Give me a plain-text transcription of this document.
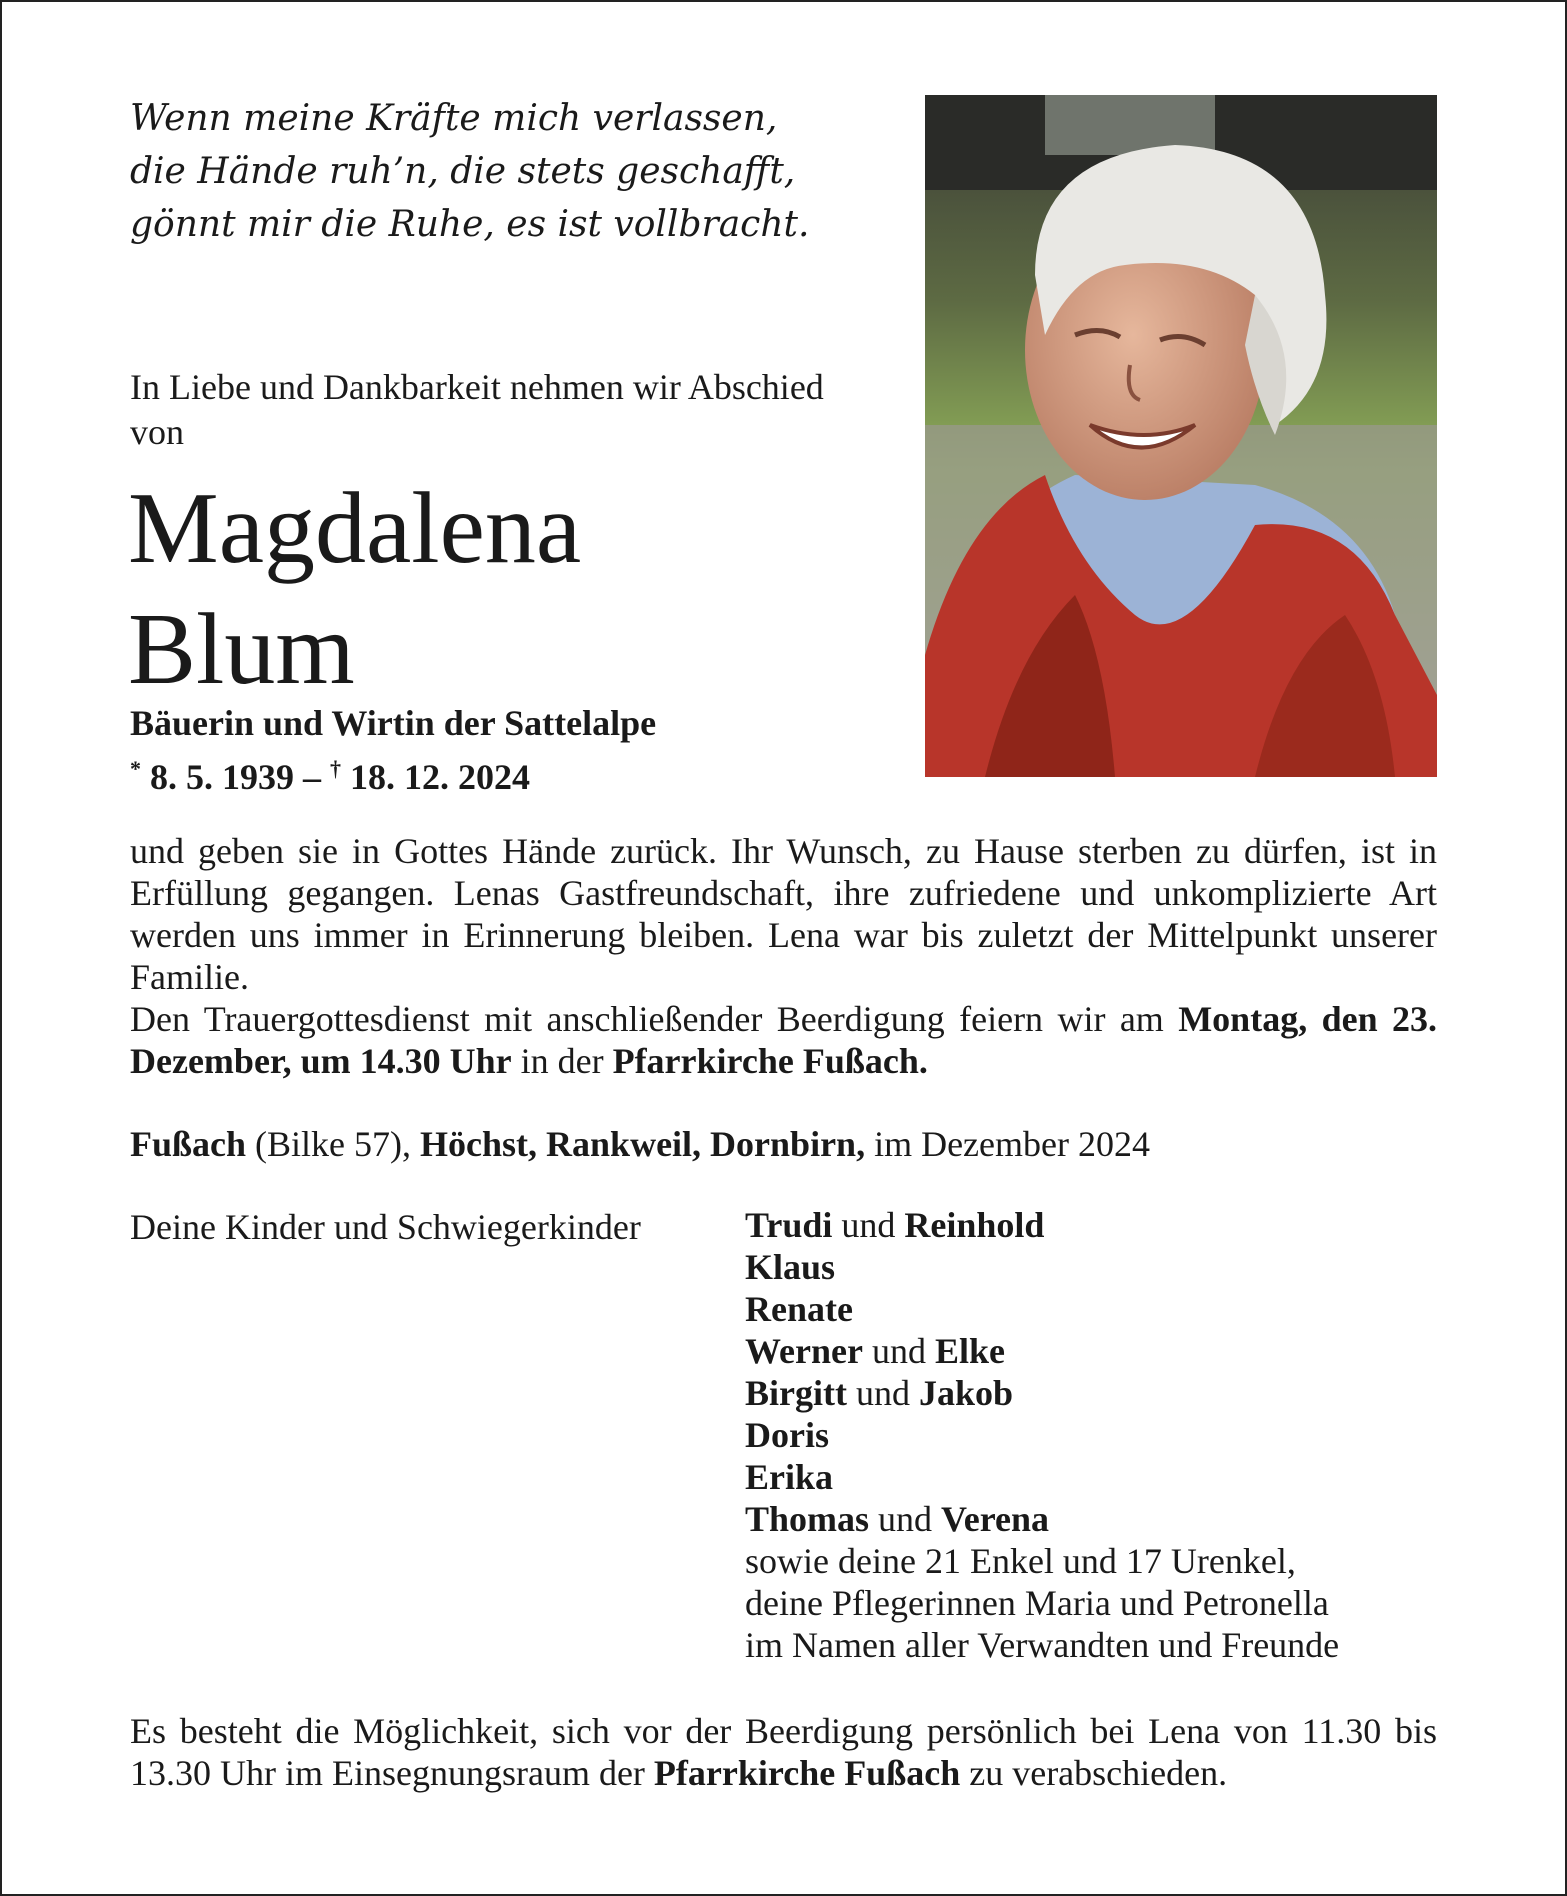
Wenn meine Kräfte mich verlassen,
die Hände ruh’n, die stets geschafft,
gönnt mir die Ruhe, es ist vollbracht.
In Liebe und Dankbarkeit nehmen wir Abschied von
Magdalena
Blum
Bäuerin und Wirtin der Sattelalpe
* 8. 5. 1939 – † 18. 12. 2024

und geben sie in Gottes Hände zurück. Ihr Wunsch, zu Hause sterben zu dürfen, ist in Erfüllung gegangen. Lenas Gastfreundschaft, ihre zufriedene und unkomplizierte Art werden uns immer in Erinnerung bleiben. Lena war bis zuletzt der Mittelpunkt unserer Familie.

Den Trauergottesdienst mit anschließender Beerdigung feiern wir am Montag, den 23. Dezember, um 14.30 Uhr in der Pfarrkirche Fußach.

Fußach (Bilke 57), Höchst, Rankweil, Dornbirn, im Dezember 2024
Deine Kinder und Schwiegerkinder	Trudi und Reinhold
Klaus
Renate
Werner und Elke
Birgitt und Jakob
Doris
Erika
Thomas und Verena
sowie deine 21 Enkel und 17 Urenkel,
deine Pflegerinnen Maria und Petronella
im Namen aller Verwandten und Freunde
Es besteht die Möglichkeit, sich vor der Beerdigung persönlich bei Lena von 11.30 bis 13.30 Uhr im Einsegnungsraum der Pfarrkirche Fußach zu verabschieden.
